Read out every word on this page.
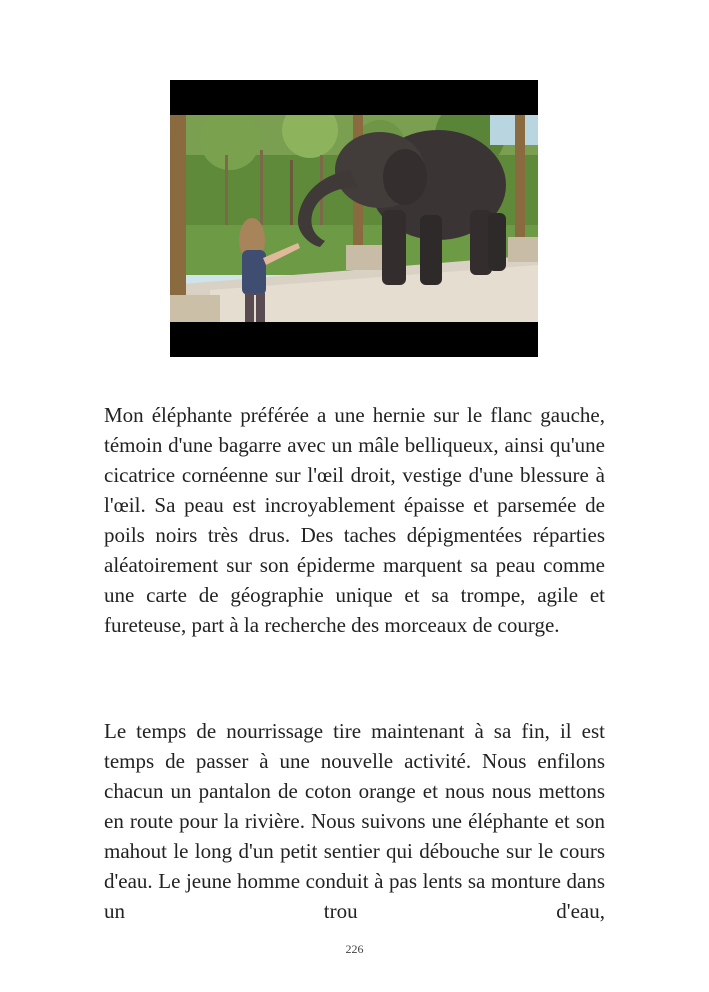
Mon éléphante préférée a une hernie sur le flanc gauche, témoin d'une bagarre avec un mâle belliqueux, ainsi qu'une cicatrice cornéenne sur l'œil droit, vestige d'une blessure à l'œil. Sa peau est incroyablement épaisse et parsemée de poils noirs très drus. Des taches dépigmentées réparties aléatoirement sur son épiderme marquent sa peau comme une carte de géographie unique et sa trompe, agile et fureteuse, part à la recherche des morceaux de courge.

Le temps de nourrissage tire maintenant à sa fin, il est temps de passer à une nouvelle activité. Nous enfilons chacun un pantalon de coton orange et nous nous mettons en route pour la rivière. Nous suivons une éléphante et son mahout le long d'un petit sentier qui débouche sur le cours d'eau. Le jeune homme conduit à pas lents sa monture dans un trou d'eau,

226
